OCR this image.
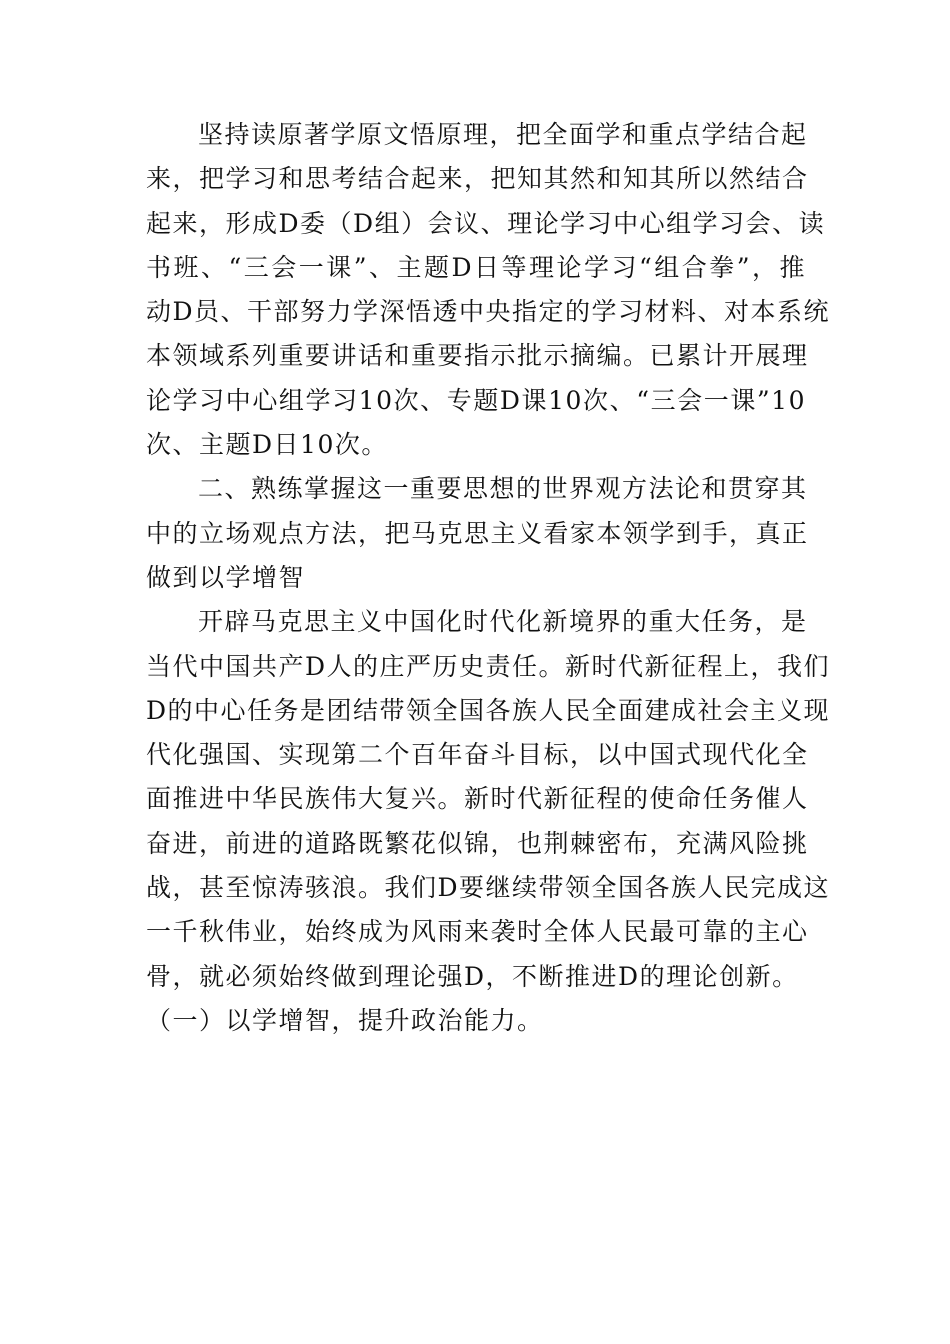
坚持读原著学原文悟原理，把全面学和重点学结合起
来，把学习和思考结合起来，把知其然和知其所以然结合
起来，形成D委（D组）会议、理论学习中心组学习会、读
书班、“三会一课”、主题D日等理论学习“组合拳”，推
动D员、干部努力学深悟透中央指定的学习材料、对本系统
本领域系列重要讲话和重要指示批示摘编。已累计开展理
论学习中心组学习10次、专题D课10次、“三会一课”10
次、主题D日10次。
二、熟练掌握这一重要思想的世界观方法论和贯穿其
中的立场观点方法，把马克思主义看家本领学到手，真正
做到以学增智
开辟马克思主义中国化时代化新境界的重大任务，是
当代中国共产D人的庄严历史责任。新时代新征程上，我们
D的中心任务是团结带领全国各族人民全面建成社会主义现
代化强国、实现第二个百年奋斗目标，以中国式现代化全
面推进中华民族伟大复兴。新时代新征程的使命任务催人
奋进，前进的道路既繁花似锦，也荆棘密布，充满风险挑
战，甚至惊涛骇浪。我们D要继续带领全国各族人民完成这
一千秋伟业，始终成为风雨来袭时全体人民最可靠的主心
骨，就必须始终做到理论强D，不断推进D的理论创新。
（一）以学增智，提升政治能力。
